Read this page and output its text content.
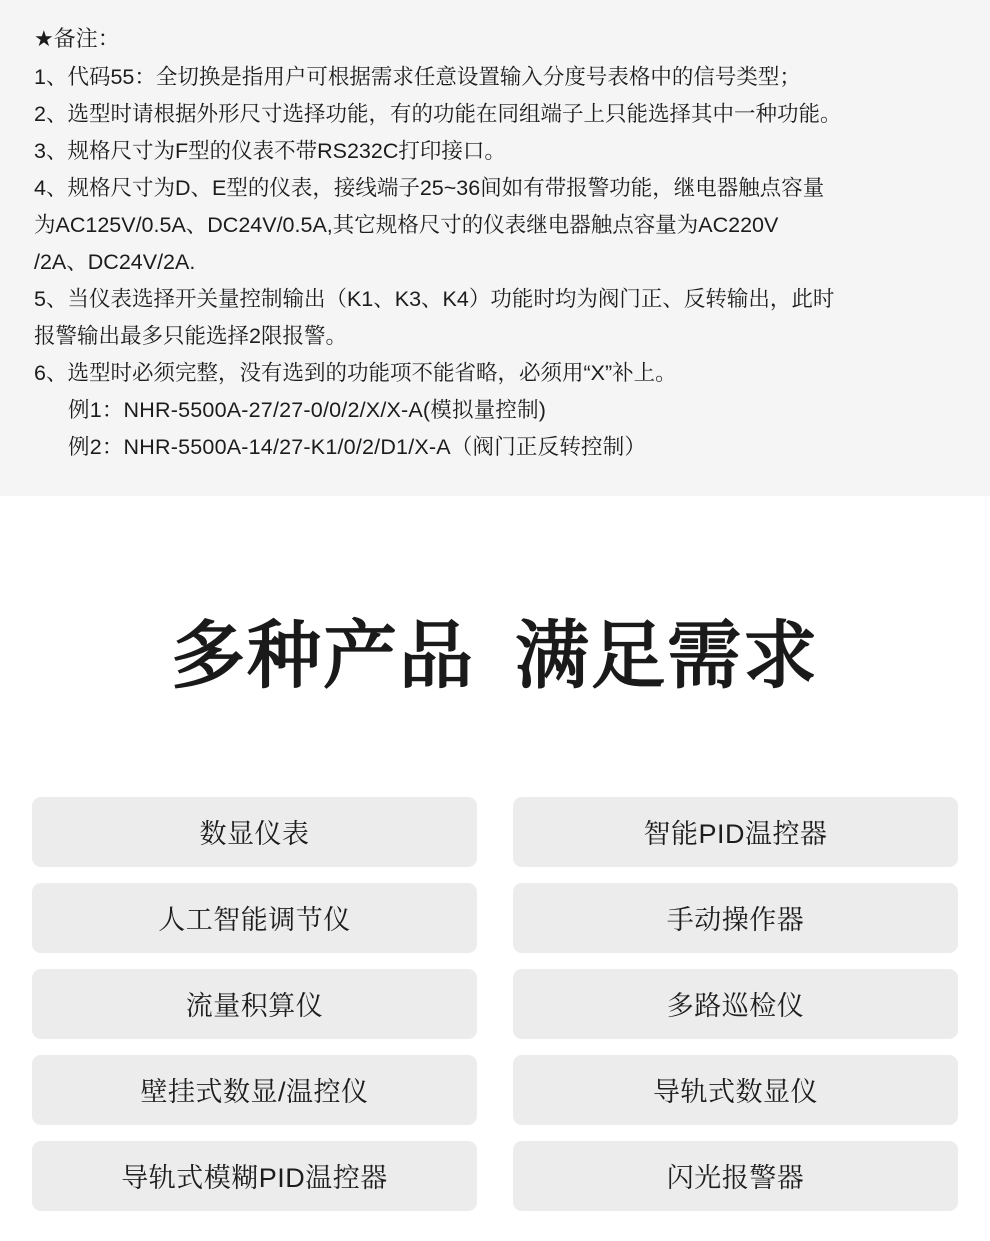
★备注：

1、代码55：全切换是指用户可根据需求任意设置输入分度号表格中的信号类型；

2、选型时请根据外形尺寸选择功能，有的功能在同组端子上只能选择其中一种功能。

3、规格尺寸为F型的仪表不带RS232C打印接口。

4、规格尺寸为D、E型的仪表，接线端子25~36间如有带报警功能，继电器触点容量

为AC125V/0.5A、DC24V/0.5A,其它规格尺寸的仪表继电器触点容量为AC220V

/2A、DC24V/2A.

5、当仪表选择开关量控制输出（K1、K3、K4）功能时均为阀门正、反转输出，此时

报警输出最多只能选择2限报警。

6、选型时必须完整，没有选到的功能项不能省略，必须用“X”补上。

例1：NHR-5500A-27/27-0/0/2/X/X-A(模拟量控制)

例2：NHR-5500A-14/27-K1/0/2/D1/X-A（阀门正反转控制）

多种产品 满足需求
数显仪表	智能PID温控器
人工智能调节仪	手动操作器
流量积算仪	多路巡检仪
壁挂式数显/温控仪	导轨式数显仪
导轨式模糊PID温控器	闪光报警器
